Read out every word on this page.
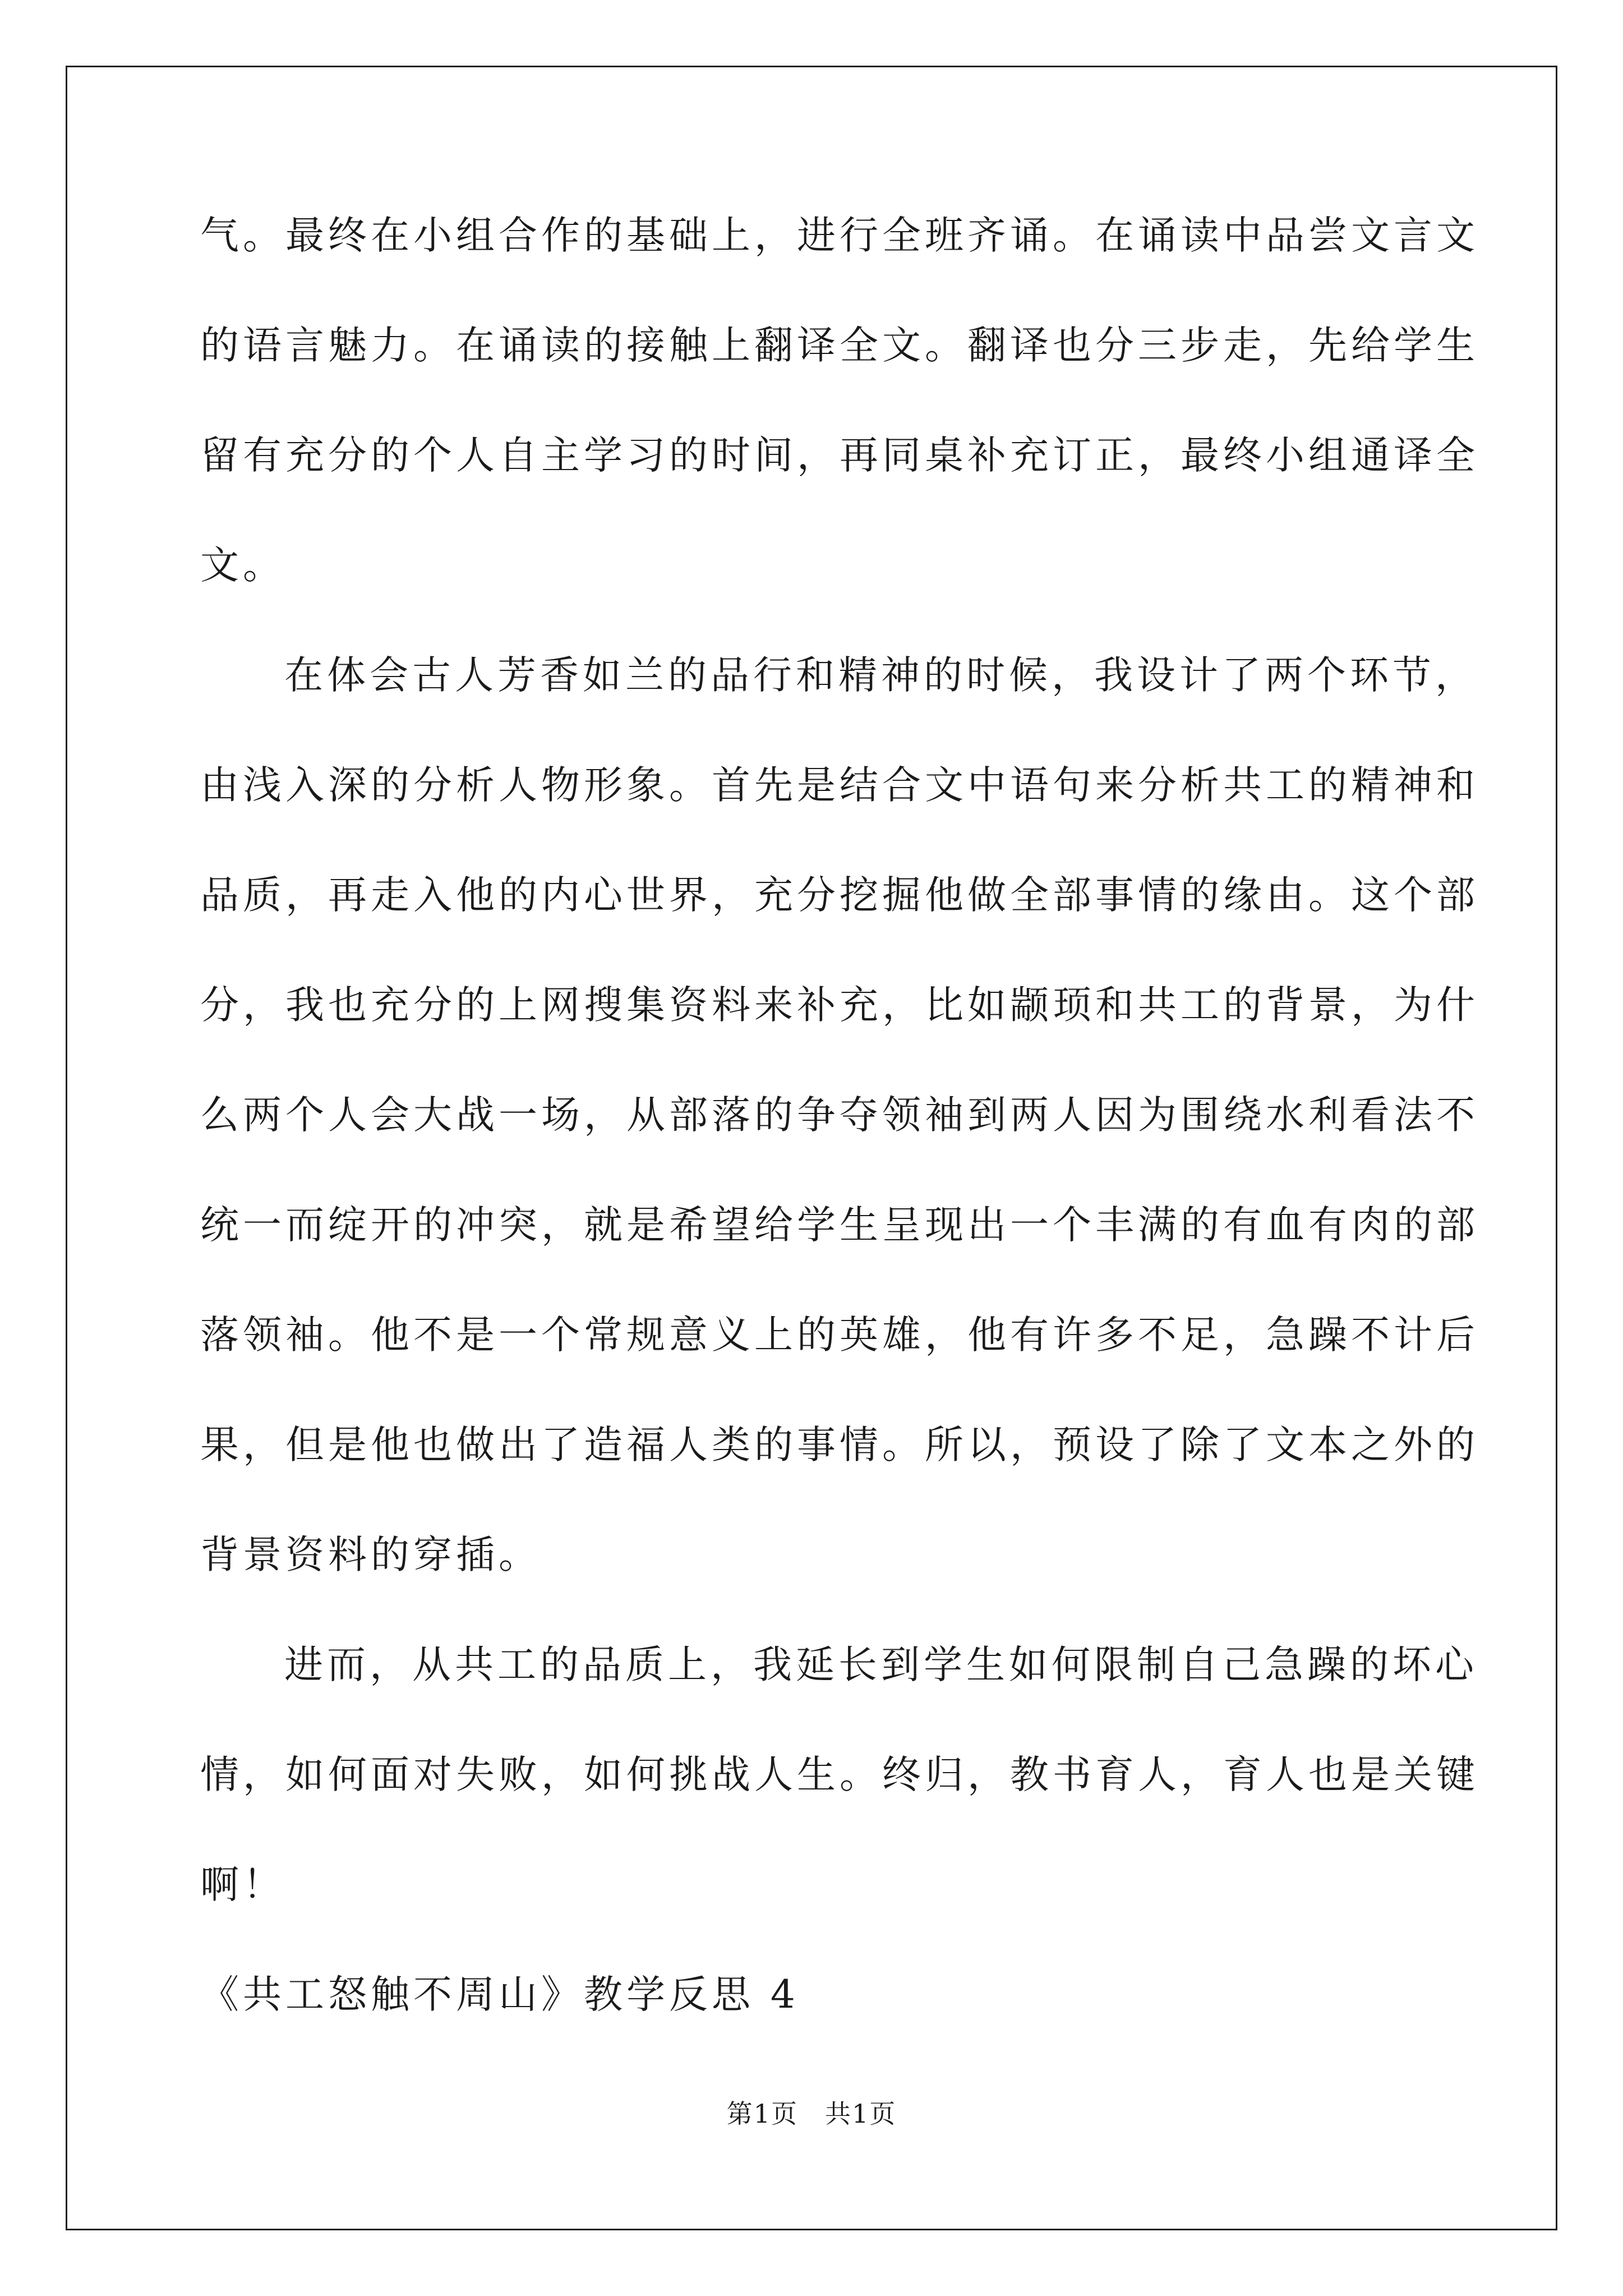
气。最终在小组合作的基础上，进行全班齐诵。在诵读中品尝文言文
的语言魅力。在诵读的接触上翻译全文。翻译也分三步走，先给学生
留有充分的个人自主学习的时间，再同桌补充订正，最终小组通译全
文。
在体会古人芳香如兰的品行和精神的时候，我设计了两个环节，
由浅入深的分析人物形象。首先是结合文中语句来分析共工的精神和
品质，再走入他的内心世界，充分挖掘他做全部事情的缘由。这个部
分，我也充分的上网搜集资料来补充，比如颛顼和共工的背景，为什
么两个人会大战一场，从部落的争夺领袖到两人因为围绕水利看法不
统一而绽开的冲突，就是希望给学生呈现出一个丰满的有血有肉的部
落领袖。他不是一个常规意义上的英雄，他有许多不足，急躁不计后
果，但是他也做出了造福人类的事情。所以，预设了除了文本之外的
背景资料的穿插。
进而，从共工的品质上，我延长到学生如何限制自己急躁的坏心
情，如何面对失败，如何挑战人生。终归，教书育人，育人也是关键
啊！
《共工怒触不周山》教学反思 4
第1页　共1页
